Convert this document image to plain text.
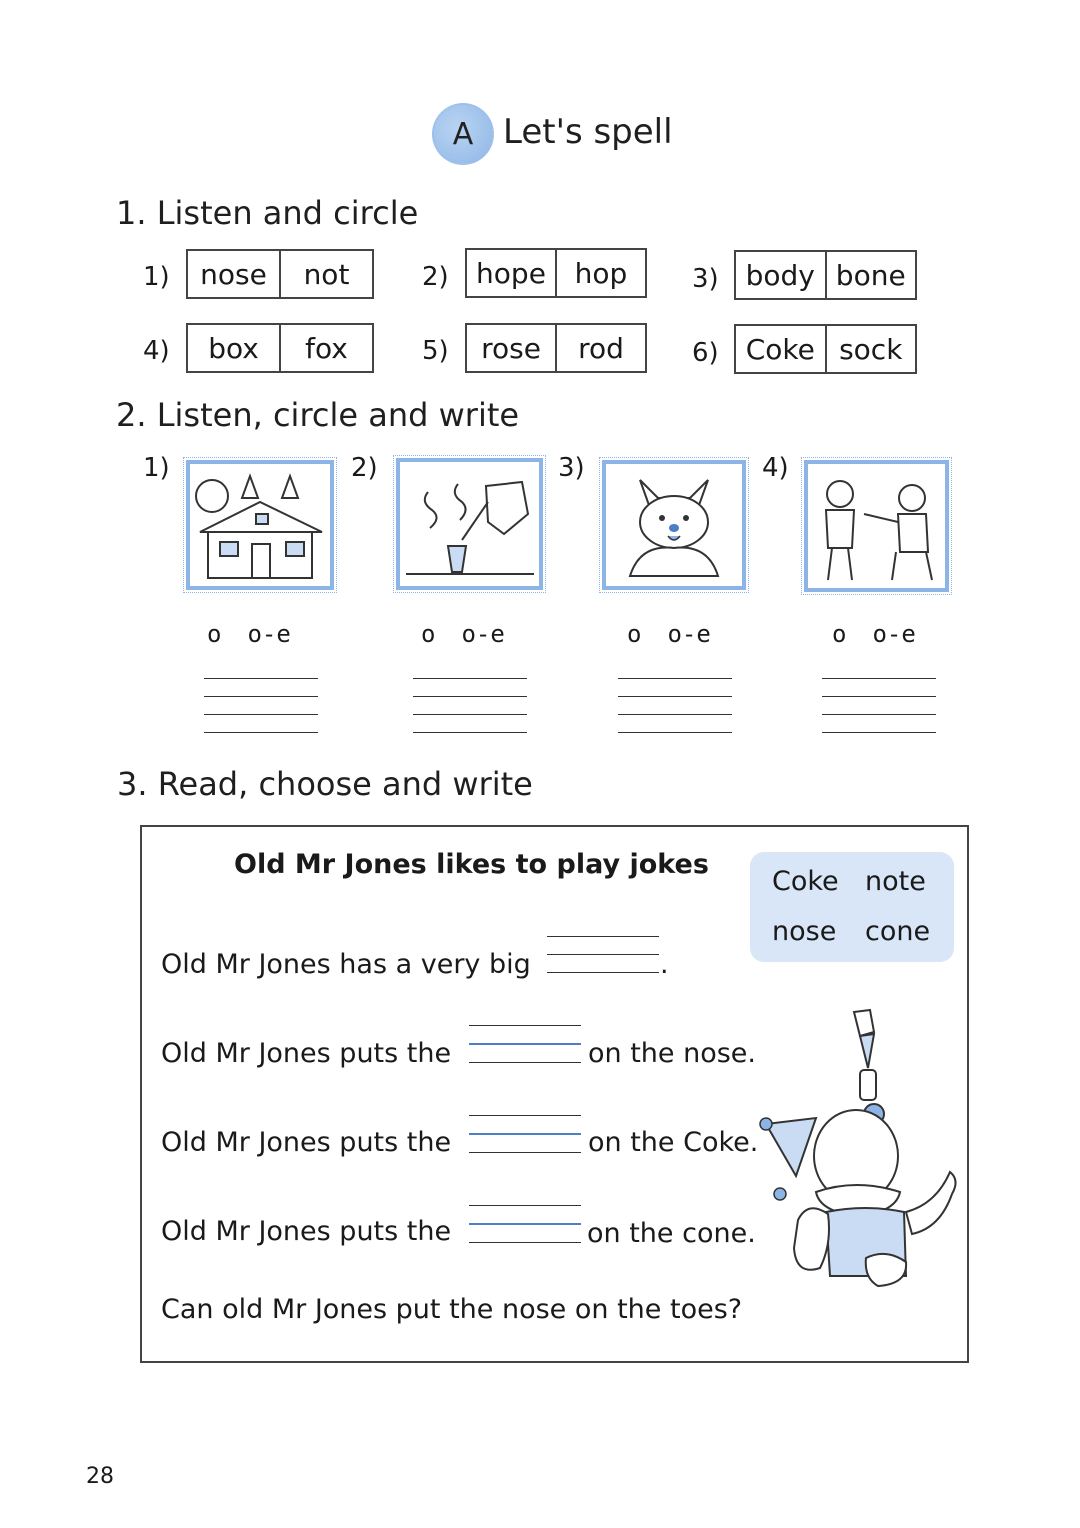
A Let's spell
1. Listen and circle
1)	nose	not	2) hope	hop	3) body bone
4)	box	fox	5)	rose	rod	6) Coke sock
2. Listen, circle and write
1)
o o-e
2)
o o-e
3)
o o-e
4)
o o-e
3. Read, choose and write
Old Mr Jones likes to play jokes
Coke note
nose cone
Old Mr Jones has a very big	.
Old Mr Jones puts the	on the nose.
Old Mr Jones puts the	on the Coke.
Old Mr Jones puts the	on the cone.
Can old Mr Jones put the nose on the toes?
28
